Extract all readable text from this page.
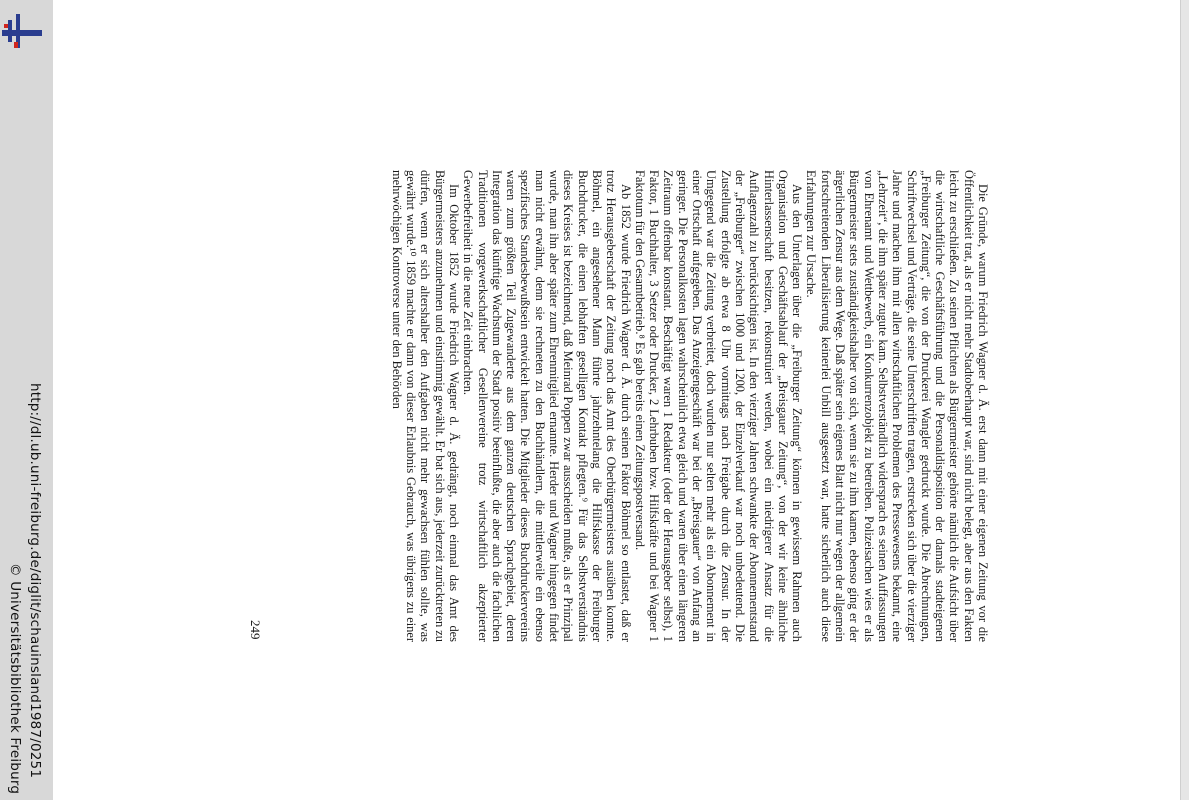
http://dl.ub.uni-freiburg.de/diglit/schauinsland1987/0251
© Universitätsbibliothek Freiburg

Die Gründe, warum Friedrich Wagner d. Ä. erst dann mit einer eigenen Zeitung vor die Öffentlichkeit trat, als er nicht mehr Stadtoberhaupt war, sind nicht belegt, aber aus den Fakten leicht zu erschließen. Zu seinen Pflichten als Bürgermeister gehörte nämlich die Aufsicht über die wirtschaftliche Geschäftsführung und die Personaldisposition der damals stadteigenen „Freiburger Zeitung“, die von der Druckerei Wangler gedruckt wurde. Die Abrechnungen, Schriftwechsel und Verträge, die seine Unterschriften tragen, erstrecken sich über die vierziger Jahre und machen ihm mit allen wirtschaftlichen Problemen des Pressewesens bekannt, eine „Lehrzeit“, die ihm später zugute kam. Selbstverständlich widersprach es seinen Auffassungen von Ehrenamt und Wettbewerb, ein Konkurrenzobjekt zu betreiben. Polizeisachen wies er als Bürgermeister stets zuständigkeitshalber von sich, wenn sie zu ihm kamen, ebenso ging er der ärgerlichen Zensur aus dem Wege. Daß später sein eigenes Blatt nicht nur wegen der allgemein fortschreitenden Liberalisierung keinerlei Unbill ausgesetzt war, hatte sicherlich auch diese Erfahrungen zur Ursache.

Aus den Unterlagen über die „Freiburger Zeitung“ können in gewissem Rahmen auch Organisation und Geschäftsablauf der „Breisgauer Zeitung“, von der wir keine ähnliche Hinterlassenschaft besitzen, rekonstruiert werden, wobei ein niedrigerer Ansatz für die Auflagenzahl zu berücksichtigen ist. In den vierziger Jahren schwankte der Abonnementstand der „Freiburger“ zwischen 1000 und 1200, der Einzelverkauf war noch unbedeutend. Die Zustellung erfolgte ab etwa 8 Uhr vormittags nach Freigabe durch die Zensur. In der Umgegend war die Zeitung verbreitet, doch wurden nur selten mehr als ein Abonnement in einer Ortschaft aufgegeben. Das Anzeigengeschäft war bei der „Breisgauer“ von Anfang an geringer. Die Personalkosten lagen wahrscheinlich etwa gleich und waren über einen längeren Zeitraum offenbar konstant. Beschäftigt waren 1 Redakteur (oder der Herausgeber selbst), 1 Faktor, 1 Buchhalter, 3 Setzer oder Drucker, 2 Lehrbuben bzw. Hilfskräfte und bei Wagner 1 Faktotum für den Gesamtbetrieb.⁸ Es gab bereits einen Zeitungspostversand.

Ab 1852 wurde Friedrich Wagner d. Ä. durch seinen Faktor Böhmel so entlastet, daß er trotz Herausgeberschaft der Zeitung noch das Amt des Oberbürgermeisters ausüben konnte. Böhmel, ein angesehener Mann führte jahrzehntelang die Hilfskasse der Freiburger Buchdrucker, die einen lebhaften geselligen Kontakt pflegten.⁹ Für das Selbstverständnis dieses Kreises ist bezeichnend, daß Meinrad Poppen zwar ausscheiden mußte, als er Prinzipal wurde, man ihn aber später zum Ehrenmitglied ernannte. Herder und Wagner hingegen findet man nicht erwähnt, denn sie rechneten zu den Buchhändlern, die mittlerweile ein ebenso spezifisches Standesbewußtsein entwickelt hatten. Die Mitglieder dieses Buchdruckervereins waren zum größten Teil Zugewanderte aus dem ganzen deutschen Sprachgebiet, deren Integration das künftige Wachstum der Stadt positiv beeinflußte, die aber auch die fachlichen Traditionen vorgewerkschaftlicher Gesellenvereine trotz wirtschaftlich akzeptierter Gewerbefreiheit in die neue Zeit einbrachten.

Im Oktober 1852 wurde Friedrich Wagner d. Ä. gedrängt, noch einmal das Amt des Bürgermeisters anzunehmen und einstimmig gewählt. Er bat sich aus, jederzeit zurücktreten zu dürfen, wenn er sich altershalber den Aufgaben nicht mehr gewachsen fühlen sollte, was gewährt wurde.¹⁰ 1859 machte er dann von dieser Erlaubnis Gebrauch, was übrigens zu einer mehrwöchigen Kontroverse unter den Behörden

249
